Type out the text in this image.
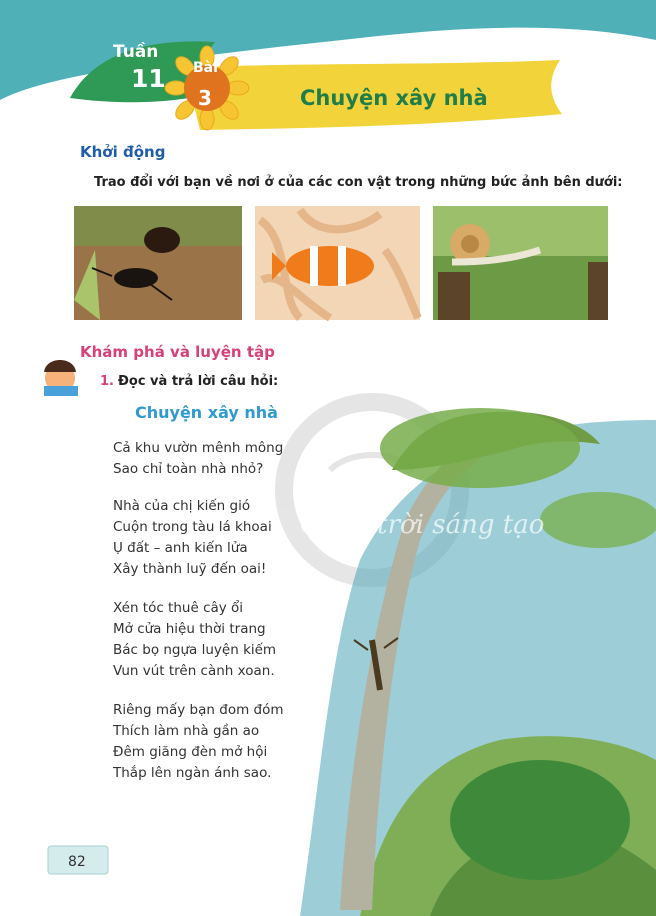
Tuần
11 Bài
3	Chuyện xây nhà
Khởi động
Trao đổi với bạn về nơi ở của các con vật trong những bức ảnh bên dưới:
Khám phá và luyện tập
1. Đọc và trả lời câu hỏi:
Chuyện xây nhà
Cả khu vườn mênh mông
Sao chỉ toàn nhà nhỏ?
Nhà của chị kiến gió
Cuộn trong tàu lá khoai
Ụ đất – anh kiến lửa
Xây thành luỹ đến oai!
Xén tóc thuê cây ổi
Mở cửa hiệu thời trang
Bác bọ ngựa luyện kiếm
Vun vút trên cành xoan.
Riêng mấy bạn đom đóm
Thích làm nhà gần ao
Đêm giăng đèn mở hội
Thắp lên ngàn ánh sao.
Chân trời sáng tạo
82
